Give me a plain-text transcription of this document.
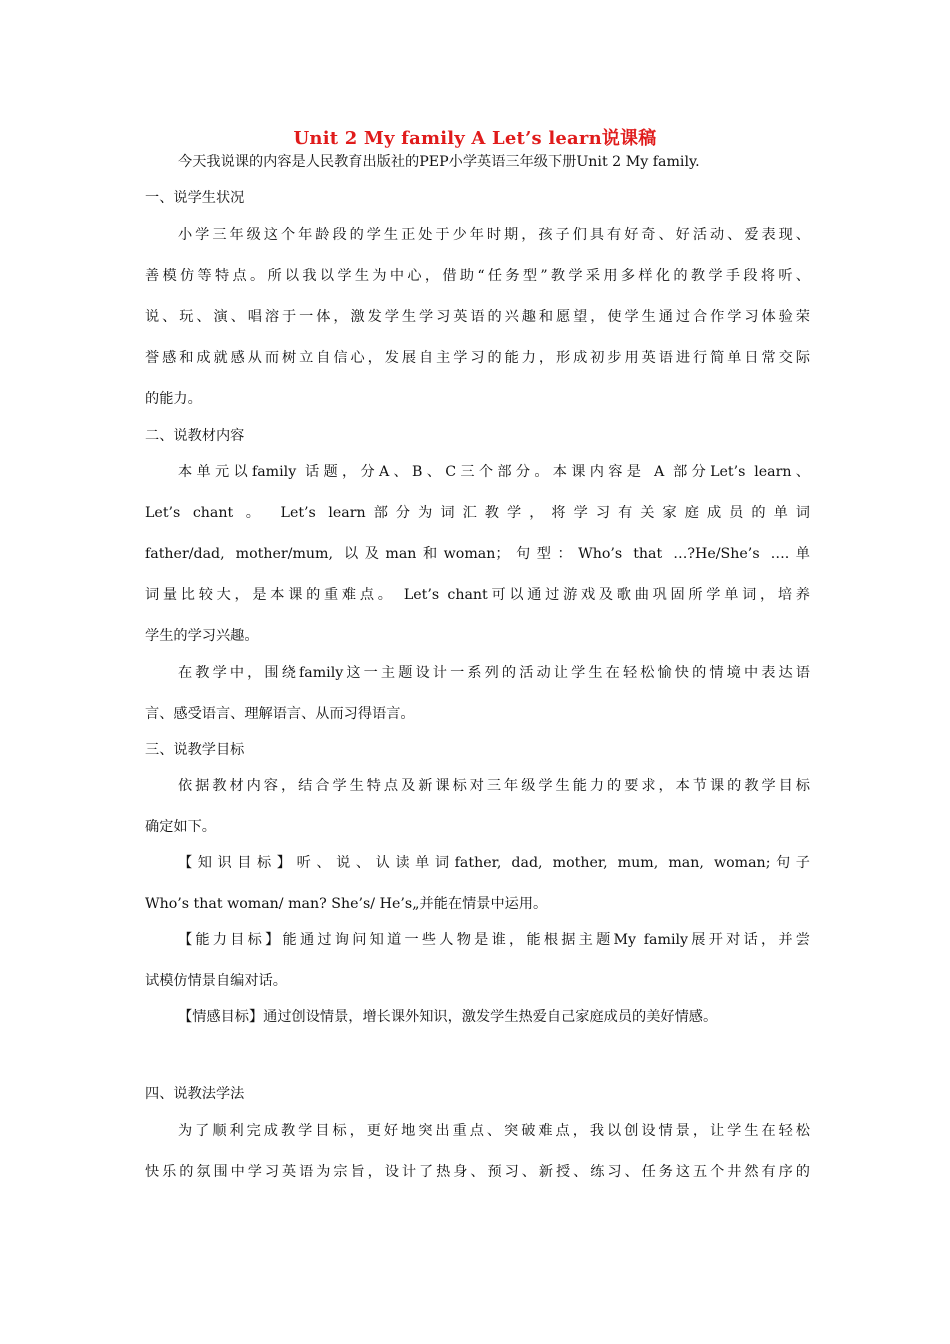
Unit 2 My family A Let’s learn说课稿
今天我说课的内容是人民教育出版社的PEP小学英语三年级下册Unit 2 My family.
一、说学生状况
小学三年级这个年龄段的学生正处于少年时期，孩子们具有好奇、好活动、爱表现、
善模仿等特点。所以我以学生为中心，借助“任务型”教学采用多样化的教学手段将听、
说、玩、演、唱溶于一体，激发学生学习英语的兴趣和愿望，使学生通过合作学习体验荣
誉感和成就感从而树立自信心，发展自主学习的能力，形成初步用英语进行简单日常交际
的能力。
二、说教材内容
本单元以family 话题，分A、B、C三个部分。本课内容是 A 部分Let’s learn、
Let’s chant 。 Let’s learn部分为词汇教学，将学习有关家庭成员的单词
father/dad, mother/mum, 以及man和woman；句型：Who’s that …?He/She’s ….单
词量比较大，是本课的重难点。 Let’s chant可以通过游戏及歌曲巩固所学单词，培养
学生的学习兴趣。
在教学中，围绕family这一主题设计一系列的活动让学生在轻松愉快的情境中表达语
言、感受语言、理解语言、从而习得语言。
三、说教学目标
依据教材内容，结合学生特点及新课标对三年级学生能力的要求，本节课的教学目标
确定如下。
【知识目标】听、说、认读单词father, dad, mother, mum, man, woman;句子
Who’s that woman/ man? She’s/ He’s„并能在情景中运用。
【能力目标】能通过询问知道一些人物是谁，能根据主题My family展开对话，并尝
试模仿情景自编对话。
【情感目标】通过创设情景，增长课外知识，激发学生热爱自己家庭成员的美好情感。
四、说教法学法
为了顺利完成教学目标，更好地突出重点、突破难点，我以创设情景，让学生在轻松
快乐的氛围中学习英语为宗旨，设计了热身、预习、新授、练习、任务这五个井然有序的
